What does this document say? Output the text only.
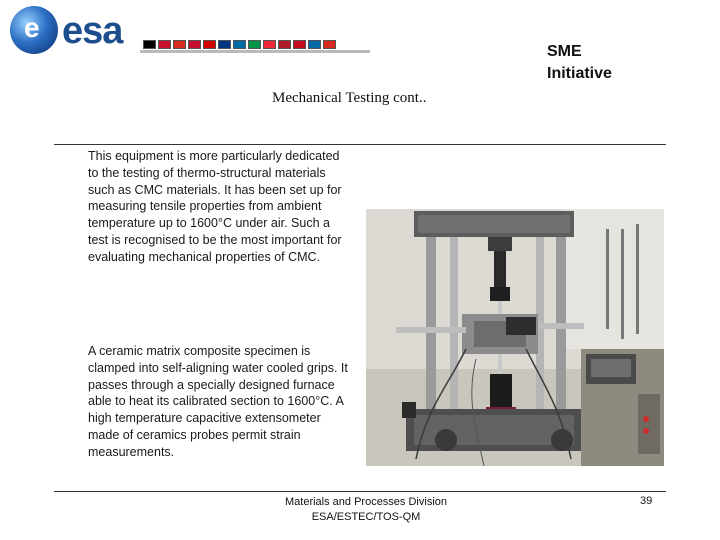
e esa	SME
Initiative
Mechanical Testing cont..
This equipment is more particularly dedicated to the testing of thermo-structural materials such as CMC materials. It has been set up for measuring tensile properties from ambient temperature up to 1600°C under air. Such a test is recognised to be the most important for evaluating mechanical properties of CMC.
A ceramic matrix composite specimen is clamped into self-aligning water cooled grips. It passes through a specially designed furnace able to heat its calibrated section to 1600°C. A high temperature capacitive extensometer made of ceramics probes permit strain measurements.
Materials and Processes Division
ESA/ESTEC/TOS-QM
39
